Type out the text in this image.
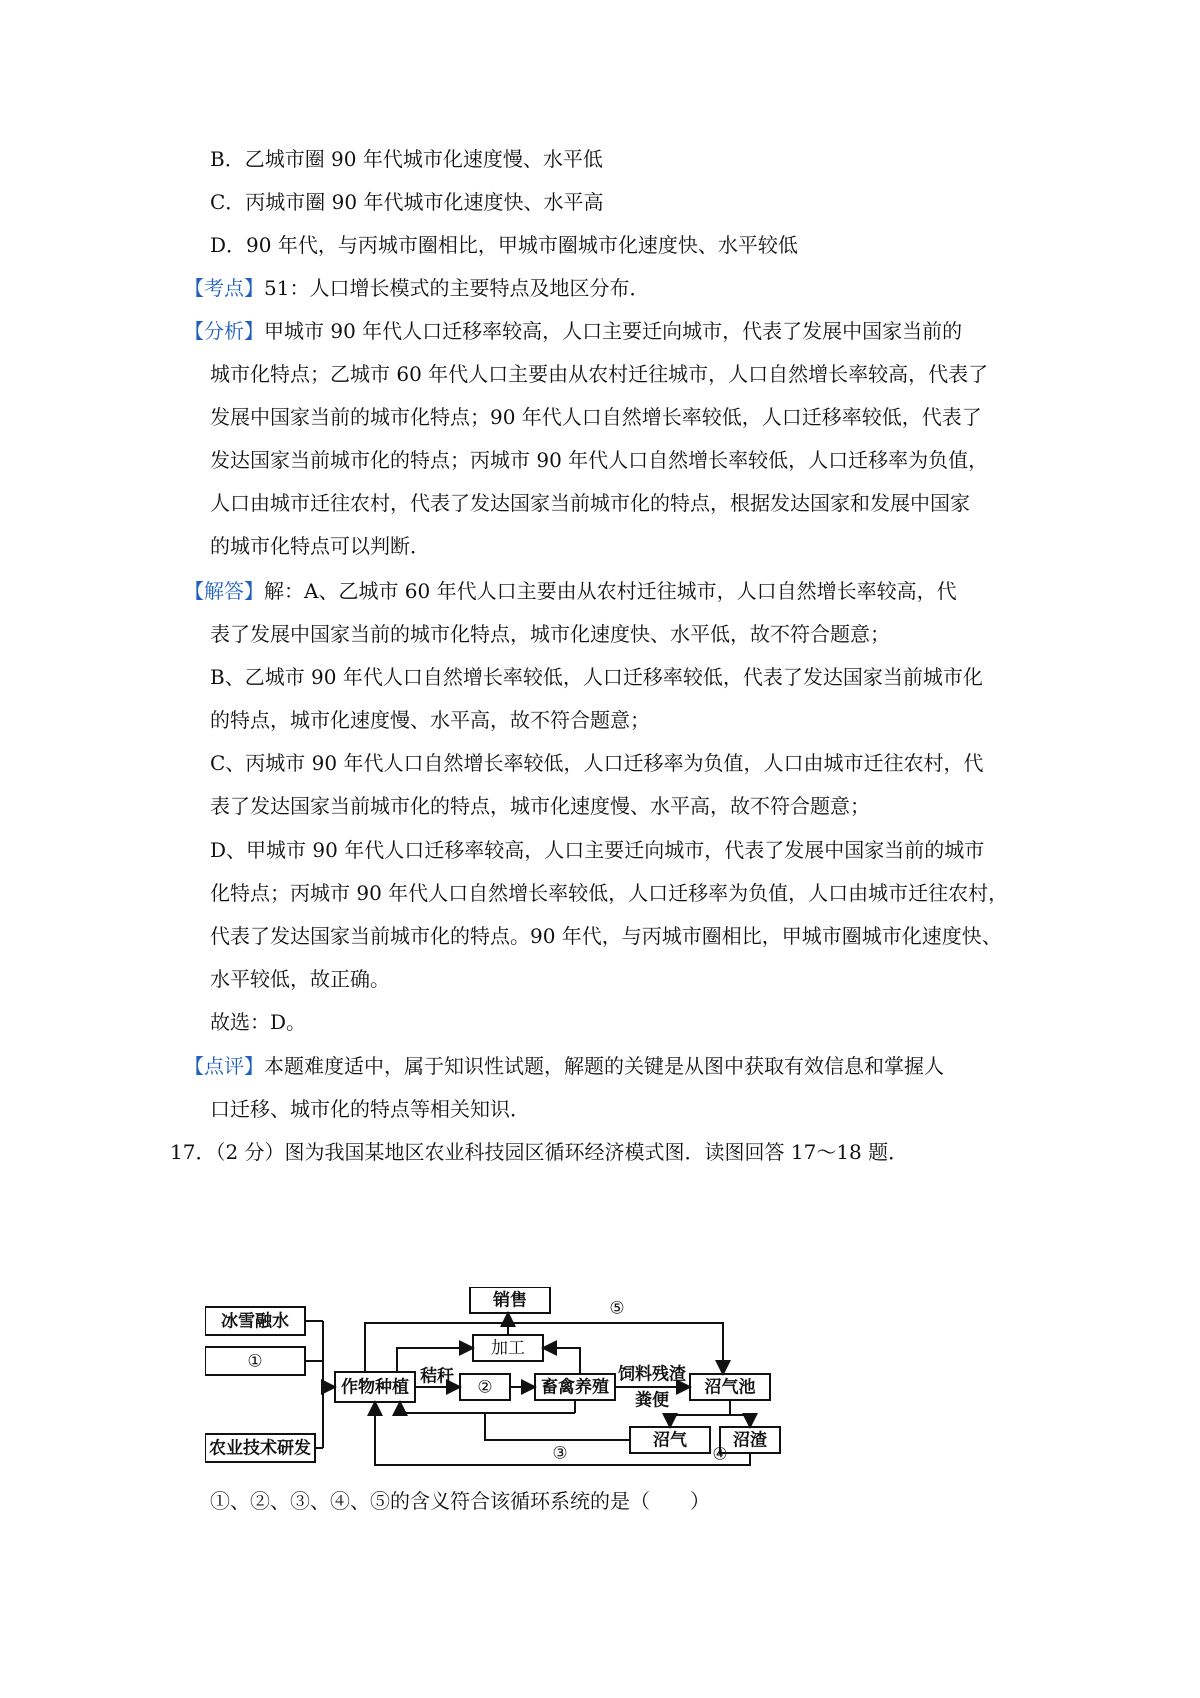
B．乙城市圈 90 年代城市化速度慢、水平低
C．丙城市圈 90 年代城市化速度快、水平高
D．90 年代，与丙城市圈相比，甲城市圈城市化速度快、水平较低
【考点】51：人口增长模式的主要特点及地区分布．
【分析】甲城市 90 年代人口迁移率较高，人口主要迁向城市，代表了发展中国家当前的
城市化特点；乙城市 60 年代人口主要由从农村迁往城市，人口自然增长率较高，代表了
发展中国家当前的城市化特点；90 年代人口自然增长率较低，人口迁移率较低，代表了
发达国家当前城市化的特点；丙城市 90 年代人口自然增长率较低，人口迁移率为负值，
人口由城市迁往农村，代表了发达国家当前城市化的特点，根据发达国家和发展中国家
的城市化特点可以判断．
【解答】解：A、乙城市 60 年代人口主要由从农村迁往城市，人口自然增长率较高，代
表了发展中国家当前的城市化特点，城市化速度快、水平低，故不符合题意；
B、乙城市 90 年代人口自然增长率较低，人口迁移率较低，代表了发达国家当前城市化
的特点，城市化速度慢、水平高，故不符合题意；
C、丙城市 90 年代人口自然增长率较低，人口迁移率为负值，人口由城市迁往农村，代
表了发达国家当前城市化的特点，城市化速度慢、水平高，故不符合题意；
D、甲城市 90 年代人口迁移率较高，人口主要迁向城市，代表了发展中国家当前的城市
化特点；丙城市 90 年代人口自然增长率较低，人口迁移率为负值，人口由城市迁往农村，
代表了发达国家当前城市化的特点。90 年代，与丙城市圈相比，甲城市圈城市化速度快、
水平较低，故正确。
故选：D。
【点评】本题难度适中，属于知识性试题，解题的关键是从图中获取有效信息和掌握人
口迁移、城市化的特点等相关知识．
17．（2 分）图为我国某地区农业科技园区循环经济模式图．读图回答 17～18 题．
冰雪融水
①
农业技术研发
作物种植
秸秆
②	畜禽养殖
加工
销售	⑤
饲料残渣
粪便
沼气池
沼气	沼渣
③	④
①、②、③、④、⑤的含义符合该循环系统的是（　　）
